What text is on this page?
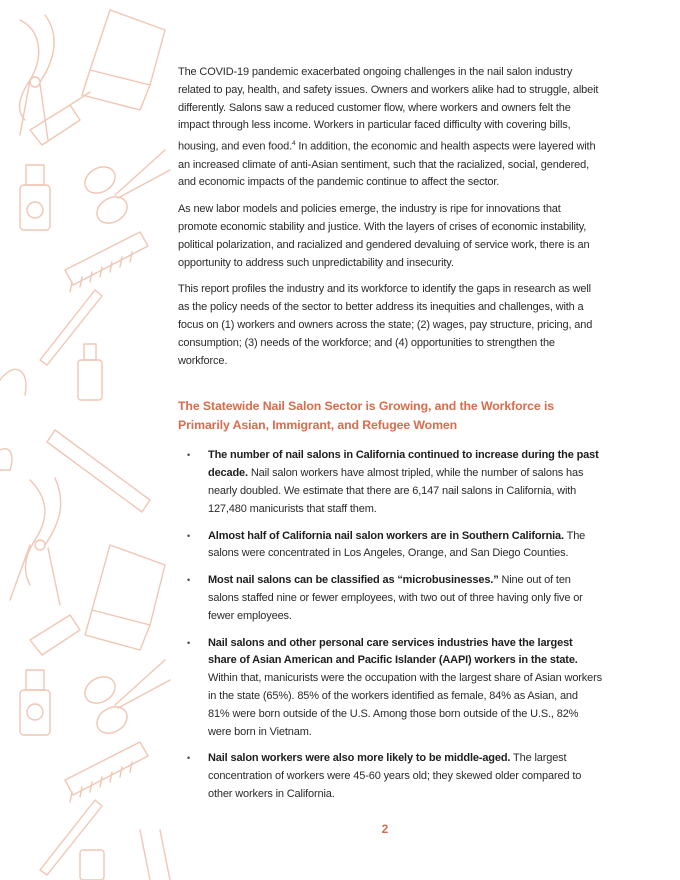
The COVID-19 pandemic exacerbated ongoing challenges in the nail salon industry related to pay, health, and safety issues. Owners and workers alike had to struggle, albeit differently. Salons saw a reduced customer flow, where workers and owners felt the impact through less income. Workers in particular faced difficulty with covering bills, housing, and even food.$^4$ In addition, the economic and health aspects were layered with an increased climate of anti-Asian sentiment, such that the racialized, social, gendered, and economic impacts of the pandemic continue to affect the sector.

As new labor models and policies emerge, the industry is ripe for innovations that promote economic stability and justice. With the layers of crises of economic instability, political polarization, and racialized and gendered devaluing of service work, there is an opportunity to address such unpredictability and insecurity.

This report profiles the industry and its workforce to identify the gaps in research as well as the policy needs of the sector to better address its inequities and challenges, with a focus on (1) workers and owners across the state; (2) wages, pay structure, pricing, and consumption; (3) needs of the workforce; and (4) opportunities to strengthen the workforce.

The Statewide Nail Salon Sector is Growing, and the Workforce is Primarily Asian, Immigrant, and Refugee Women
• The number of nail salons in California continued to increase during the past decade. Nail salon workers have almost tripled, while the number of salons has nearly doubled. We estimate that there are 6,147 nail salons in California, with 127,480 manicurists that staff them.
• Almost half of California nail salon workers are in Southern California. The salons were concentrated in Los Angeles, Orange, and San Diego Counties.
• Most nail salons can be classified as “microbusinesses.” Nine out of ten salons staffed nine or fewer employees, with two out of three having only five or fewer employees.
• Nail salons and other personal care services industries have the largest share of Asian American and Pacific Islander (AAPI) workers in the state. Within that, manicurists were the occupation with the largest share of Asian workers in the state (65%). 85% of the workers identified as female, 84% as Asian, and 81% were born outside of the U.S. Among those born outside of the U.S., 82% were born in Vietnam.
• Nail salon workers were also more likely to be middle-aged. The largest concentration of workers were 45-60 years old; they skewed older compared to other workers in California.
2
